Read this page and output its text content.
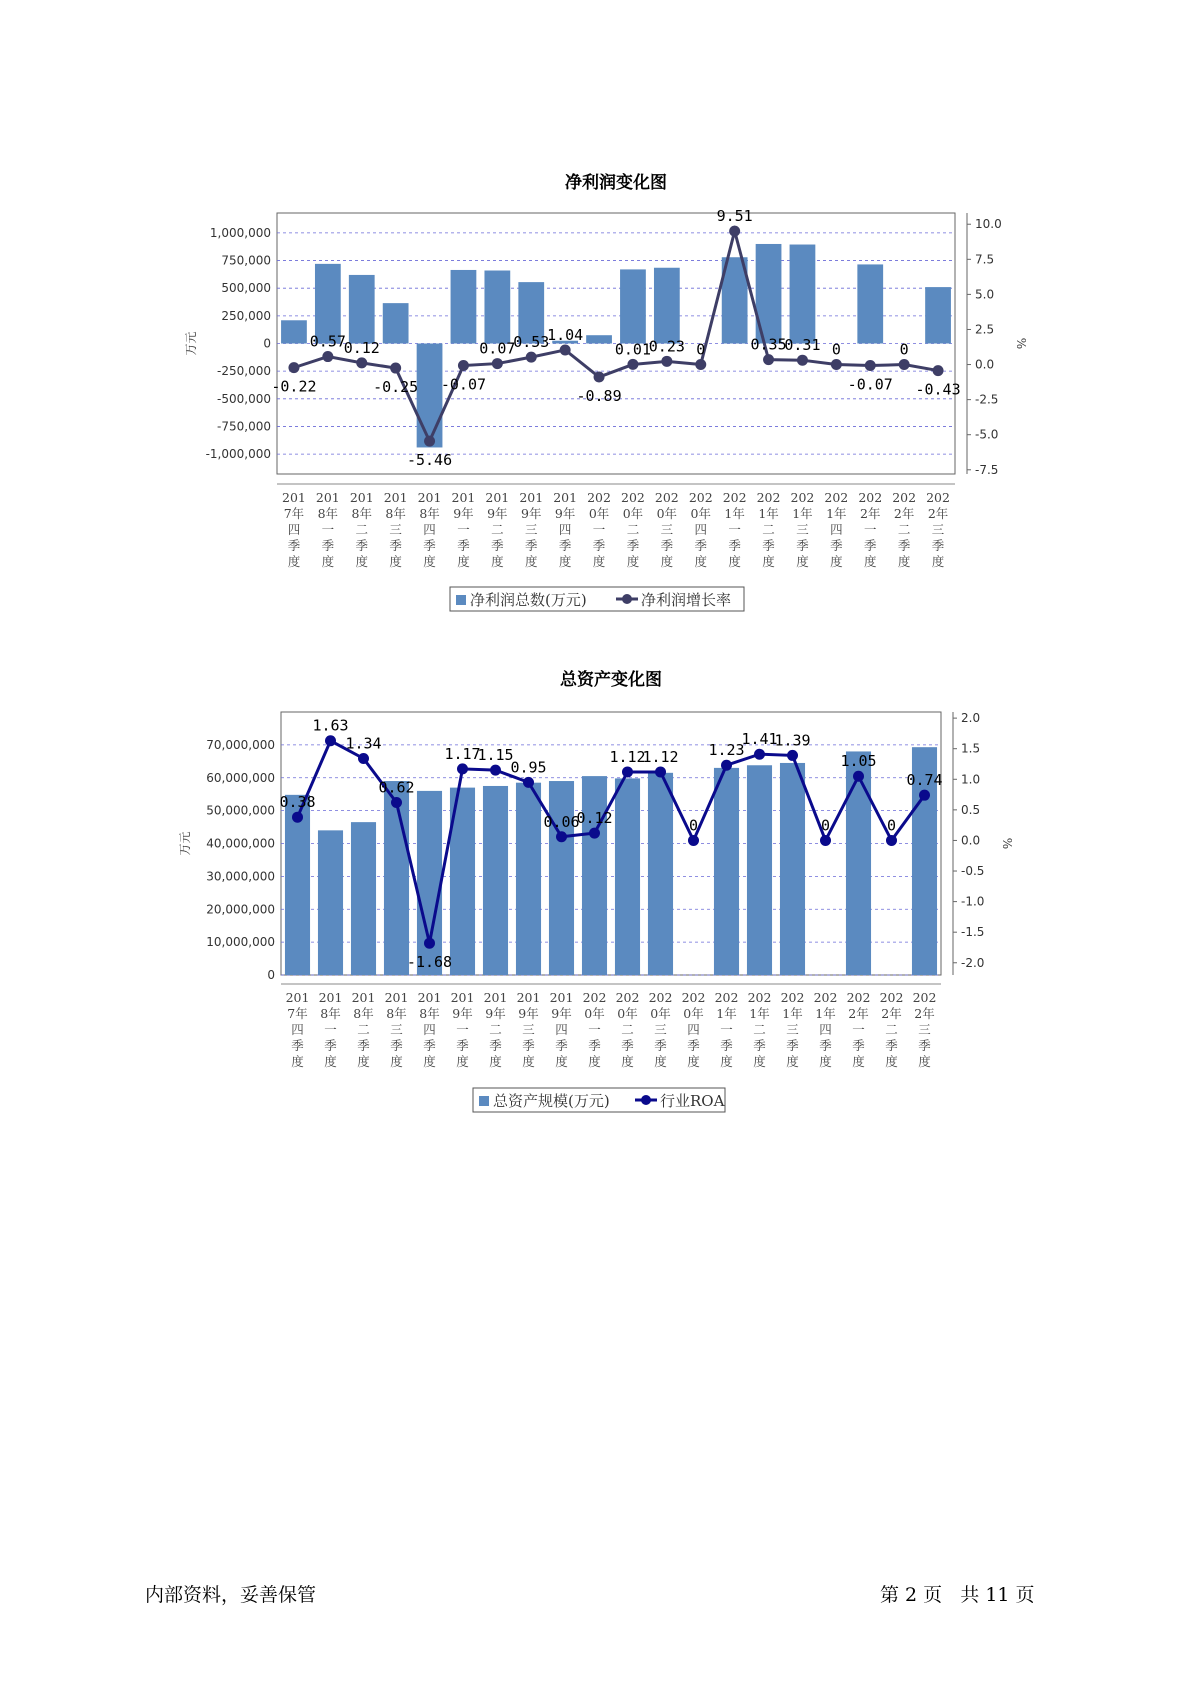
净利润变化图
1,000,000
750,000
500,000
250,000
0
-250,000
-500,000
-750,000
-1,000,000
10.0
7.5
5.0
2.5
0.0
-2.5
-5.0
-7.5
万元	%
201
7年
四
季
度
201
8年
一
季
度
201
8年
二
季
度
201
8年
三
季
度
201
8年
四
季
度
201
9年
一
季
度
201
9年
二
季
度
201
9年
三
季
度
201
9年
四
季
度
202
0年
一
季
度
202
0年
二
季
度
202
0年
三
季
度
202
0年
四
季
度
202
1年
一
季
度
202
1年
二
季
度
202
1年
三
季
度
202
1年
四
季
度
202
2年
一
季
度
202
2年
二
季
度
202
2年
三
季
度
-0.22
0.57
0.12
-0.25
-5.46
-0.07
0.07
0.53
1.04
-0.89
0.01
0.23 0
9.51
0.35
0.31 0
-0.07
0
-0.43
净利润总数(万元)	净利润增长率
总资产变化图
70,000,000
60,000,000
50,000,000
40,000,000
30,000,000
20,000,000
10,000,000
0
2.0
1.5
1.0
0.5
0.0
-0.5
-1.0
-1.5
-2.0
万元	%
201
7年
四
季
度
201
8年
一
季
度
201
8年
二
季
度
201
8年
三
季
度
201
8年
四
季
度
201
9年
一
季
度
201
9年
二
季
度
201
9年
三
季
度
201
9年
四
季
度
202
0年
一
季
度
202
0年
二
季
度
202
0年
三
季
度
202
0年
四
季
度
202
1年
一
季
度
202
1年
二
季
度
202
1年
三
季
度
202
1年
四
季
度
202
2年
一
季
度
202
2年
二
季
度
202
2年
三
季
度
0.38
1.63
1.34
0.62
-1.68
1.17
1.15
0.95
0.06
0.12
1.12
1.12
0
1.23
1.41
1.39
0
1.05
0
0.74
总资产规模(万元)	行业ROA
内部资料，妥善保管	第 2 页   共 11 页
